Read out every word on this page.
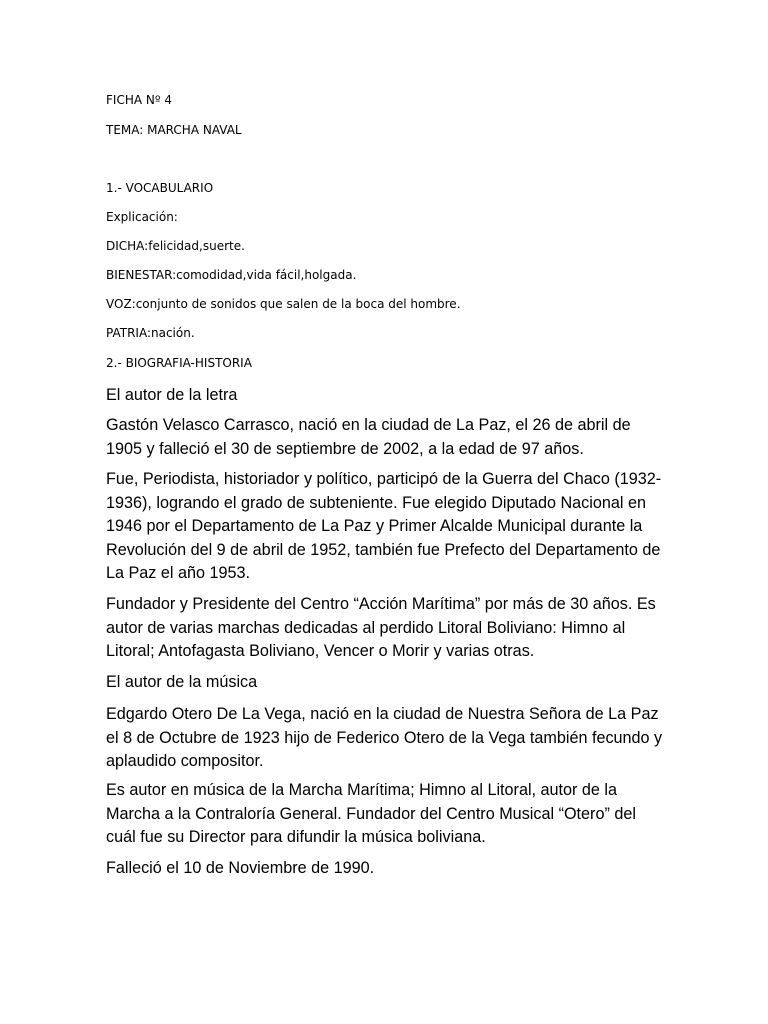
FICHA Nº 4

TEMA: MARCHA NAVAL

1.- VOCABULARIO

Explicación:

DICHA:felicidad,suerte.

BIENESTAR:comodidad,vida fácil,holgada.

VOZ:conjunto de sonidos que salen de la boca del hombre.

PATRIA:nación.

2.- BIOGRAFIA-HISTORIA

El autor de la letra

Gastón Velasco Carrasco, nació en la ciudad de La Paz, el 26 de abril de 1905 y falleció el 30 de septiembre de 2002, a la edad de 97 años.

Fue, Periodista, historiador y político, participó de la Guerra del Chaco (1932-1936), logrando el grado de subteniente. Fue elegido Diputado Nacional en 1946 por el Departamento de La Paz y Primer Alcalde Municipal durante la Revolución del 9 de abril de 1952, también fue Prefecto del Departamento de La Paz el año 1953.

Fundador y Presidente del Centro “Acción Marítima” por más de 30 años. Es autor de varias marchas dedicadas al perdido Litoral Boliviano: Himno al Litoral; Antofagasta Boliviano, Vencer o Morir y varias otras.

El autor de la música

Edgardo Otero De La Vega, nació en la ciudad de Nuestra Señora de La Paz el 8 de Octubre de 1923 hijo de Federico Otero de la Vega también fecundo y aplaudido compositor.

Es autor en música de la Marcha Marítima; Himno al Litoral, autor de la Marcha a la Contraloría General. Fundador del Centro Musical “Otero” del cuál fue su Director para difundir la música boliviana.

Falleció el 10 de Noviembre de 1990.
